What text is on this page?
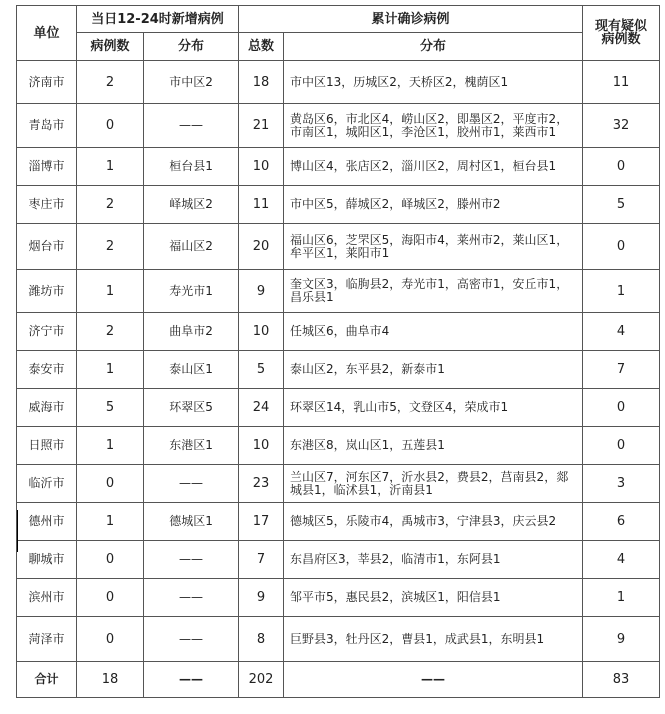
单位	当日12-24时新增病例		累计确诊病例		现有疑似病例数
	病例数	分布	总数	分布	
济南市	2	市中区2	18	市中区13，历城区2，天桥区2，槐荫区1	11
青岛市	0	——	21	黄岛区6，市北区4，崂山区2，即墨区2，平度市2，市南区1，城阳区1，李沧区1，胶州市1，莱西市1	32
淄博市	1	桓台县1	10	博山区4，张店区2，淄川区2，周村区1，桓台县1	0
枣庄市	2	峄城区2	11	市中区5，薛城区2，峄城区2，滕州市2	5
烟台市	2	福山区2	20	福山区6，芝罘区5，海阳市4，莱州市2，莱山区1，牟平区1，莱阳市1	0
潍坊市	1	寿光市1	9	奎文区3，临朐县2，寿光市1，高密市1，安丘市1，昌乐县1	1
济宁市	2	曲阜市2	10	任城区6，曲阜市4	4
泰安市	1	泰山区1	5	泰山区2，东平县2，新泰市1	7
威海市	5	环翠区5	24	环翠区14，乳山市5，文登区4，荣成市1	0
日照市	1	东港区1	10	东港区8，岚山区1，五莲县1	0
临沂市	0	——	23	兰山区7，河东区7，沂水县2，费县2，莒南县2，郯城县1，临沭县1，沂南县1	3
德州市	1	德城区1	17	德城区5，乐陵市4，禹城市3，宁津县3，庆云县2	6
聊城市	0	——	7	东昌府区3，莘县2，临清市1，东阿县1	4
滨州市	0	——	9	邹平市5，惠民县2，滨城区1，阳信县1	1
菏泽市	0	——	8	巨野县3，牡丹区2，曹县1，成武县1，东明县1	9
合计	18	——	202	——	83
